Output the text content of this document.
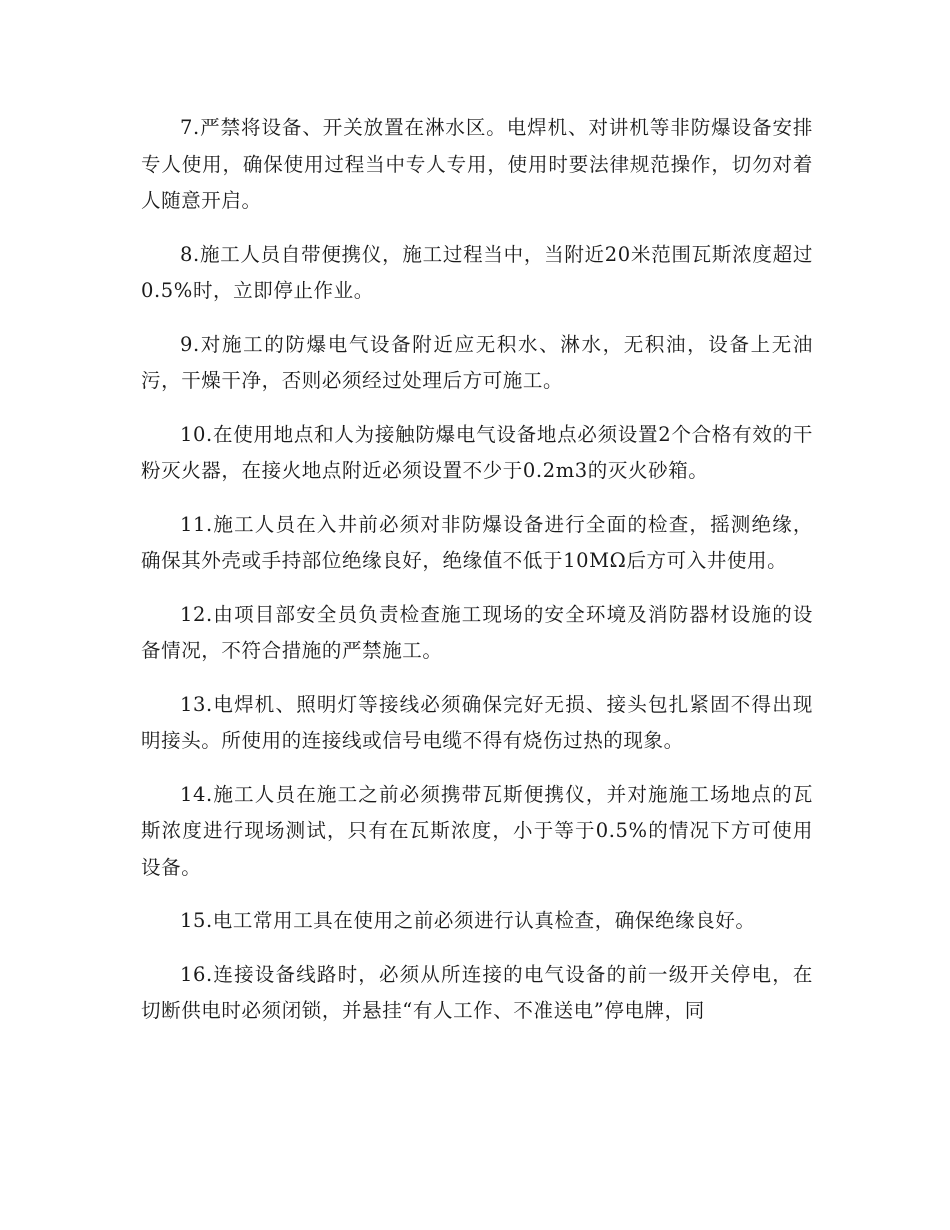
7.严禁将设备、开关放置在淋水区。电焊机、对讲机等非防爆设备安排专人使用，确保使用过程当中专人专用，使用时要法律规范操作，切勿对着人随意开启。

8.施工人员自带便携仪，施工过程当中，当附近20米范围瓦斯浓度超过0.5%时，立即停止作业。

9.对施工的防爆电气设备附近应无积水、淋水，无积油，设备上无油污，干燥干净，否则必须经过处理后方可施工。

10.在使用地点和人为接触防爆电气设备地点必须设置2个合格有效的干粉灭火器，在接火地点附近必须设置不少于0.2m3的灭火砂箱。

11.施工人员在入井前必须对非防爆设备进行全面的检查，摇测绝缘，确保其外壳或手持部位绝缘良好，绝缘值不低于10MΩ后方可入井使用。

12.由项目部安全员负责检查施工现场的安全环境及消防器材设施的设备情况，不符合措施的严禁施工。

13.电焊机、照明灯等接线必须确保完好无损、接头包扎紧固不得出现明接头。所使用的连接线或信号电缆不得有烧伤过热的现象。

14.施工人员在施工之前必须携带瓦斯便携仪，并对施施工场地点的瓦斯浓度进行现场测试，只有在瓦斯浓度，小于等于0.5%的情况下方可使用设备。

15.电工常用工具在使用之前必须进行认真检查，确保绝缘良好。

16.连接设备线路时，必须从所连接的电气设备的前一级开关停电，在切断供电时必须闭锁，并悬挂“有人工作、不准送电”停电牌，同
